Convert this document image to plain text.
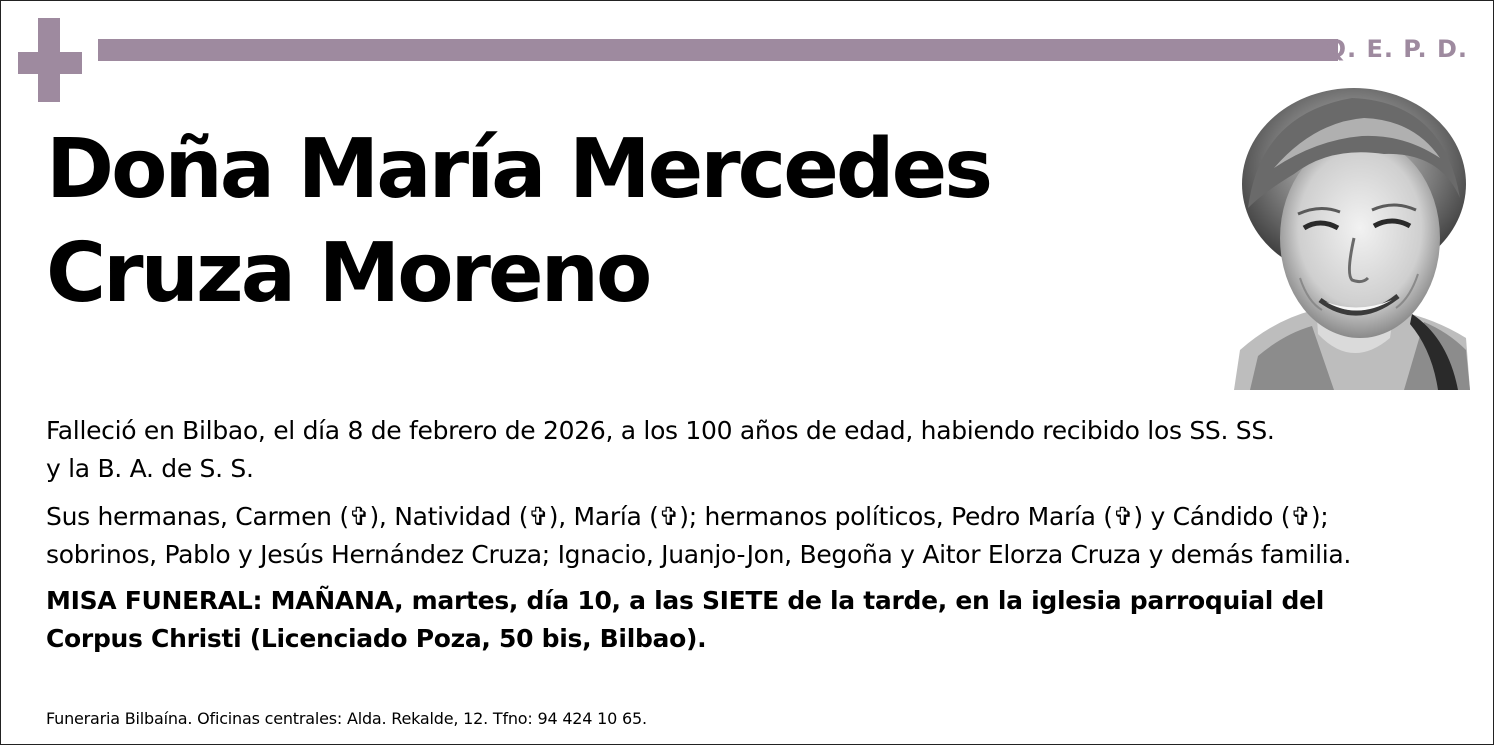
Q. E. P. D.
Doña María Mercedes
Cruza Moreno

Falleció en Bilbao, el día 8 de febrero de 2026, a los 100 años de edad, habiendo recibido los SS. SS.
y la B. A. de S. S.

Sus hermanas, Carmen (✞), Natividad (✞), María (✞); hermanos políticos, Pedro María (✞) y Cándido (✞);
sobrinos, Pablo y Jesús Hernández Cruza; Ignacio, Juanjo-Jon, Begoña y Aitor Elorza Cruza y demás familia.

MISA FUNERAL: MAÑANA, martes, día 10, a las SIETE de la tarde, en la iglesia parroquial del
Corpus Christi (Licenciado Poza, 50 bis, Bilbao).

Funeraria Bilbaína. Oficinas centrales: Alda. Rekalde, 12. Tfno: 94 424 10 65.
